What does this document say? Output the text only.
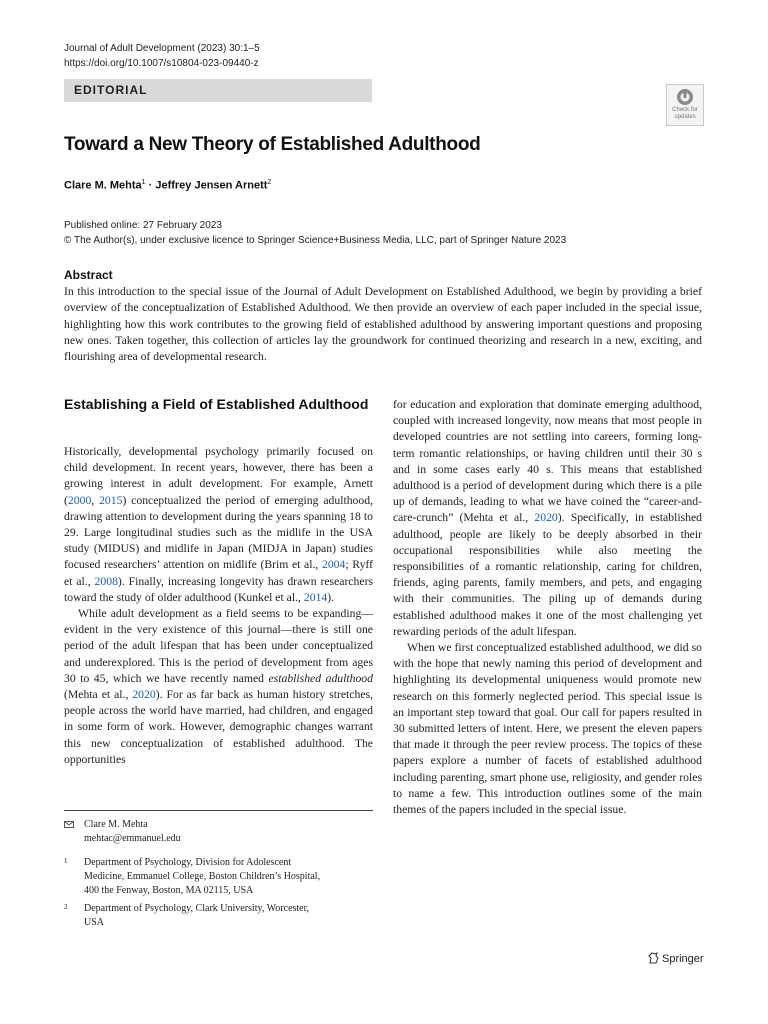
Journal of Adult Development (2023) 30:1–5
https://doi.org/10.1007/s10804-023-09440-z
EDITORIAL
Check for
updates
Toward a New Theory of Established Adulthood
Clare M. Mehta$^1$ · Jeffrey Jensen Arnett$^2$
Published online: 27 February 2023
© The Author(s), under exclusive licence to Springer Science+Business Media, LLC, part of Springer Nature 2023
Abstract
In this introduction to the special issue of the Journal of Adult Development on Established Adulthood, we begin by providing a brief overview of the conceptualization of Established Adulthood. We then provide an overview of each paper included in the special issue, highlighting how this work contributes to the growing field of established adulthood by answering important questions and proposing new ones. Taken together, this collection of articles lay the groundwork for continued theorizing and research in a new, exciting, and flourishing area of developmental research.
Establishing a Field of Established Adulthood

Historically, developmental psychology primarily focused on child development. In recent years, however, there has been a growing interest in adult development. For example, Arnett (2000, 2015) conceptualized the period of emerging adulthood, drawing attention to development during the years spanning 18 to 29. Large longitudinal studies such as the midlife in the USA study (MIDUS) and midlife in Japan (MIDJA in Japan) studies focused researchers’ attention on midlife (Brim et al., 2004; Ryff et al., 2008). Finally, increasing longevity has drawn researchers toward the study of older adulthood (Kunkel et al., 2014).

While adult development as a field seems to be expanding—evident in the very existence of this journal—there is still one period of the adult lifespan that has been under conceptualized and underexplored. This is the period of development from ages 30 to 45, which we have recently named established adulthood (Mehta et al., 2020). For as far back as human history stretches, people across the world have married, had children, and engaged in some form of work. However, demographic changes warrant this new conceptualization of established adulthood. The opportunities

Clare M. Mehta
mehtac@emmanuel.edu
1 Department of Psychology, Division for Adolescent
Medicine, Emmanuel College, Boston Children’s Hospital,
400 the Fenway, Boston, MA 02115, USA
2 Department of Psychology, Clark University, Worcester,
USA

for education and exploration that dominate emerging adulthood, coupled with increased longevity, now means that most people in developed countries are not settling into careers, forming long-term romantic relationships, or having children until their 30 s and in some cases early 40 s. This means that established adulthood is a period of development during which there is a pile up of demands, leading to what we have coined the “career-and-care-crunch” (Mehta et al., 2020). Specifically, in established adulthood, people are likely to be deeply absorbed in their occupational responsibilities while also meeting the responsibilities of a romantic relationship, caring for children, friends, aging parents, family members, and pets, and engaging with their communities. The piling up of demands during established adulthood makes it one of the most challenging yet rewarding periods of the adult lifespan.

When we first conceptualized established adulthood, we did so with the hope that newly naming this period of development and highlighting its developmental uniqueness would promote new research on this formerly neglected period. This special issue is an important step toward that goal. Our call for papers resulted in 30 submitted letters of intent. Here, we present the eleven papers that made it through the peer review process. The topics of these papers explore a number of facets of established adulthood including parenting, smart phone use, religiosity, and gender roles to name a few. This introduction outlines some of the main themes of the papers included in the special issue.

Springer
